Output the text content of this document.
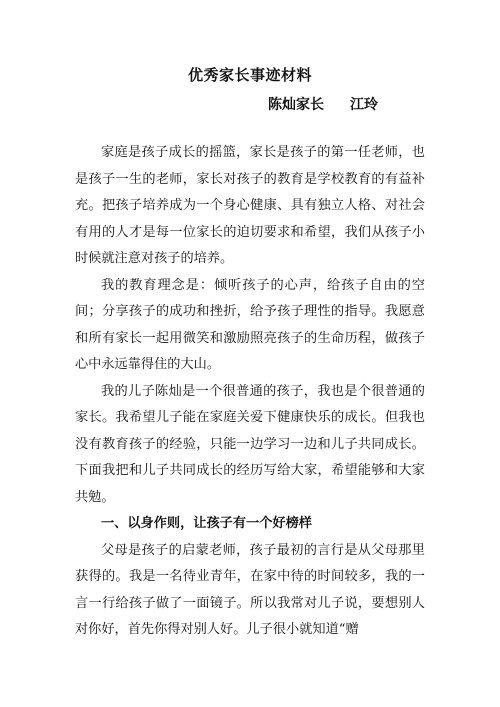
优秀家长事迹材料
陈灿家长 江玲

家庭是孩子成长的摇篮，家长是孩子的第一任老师，也是孩子一生的老师，家长对孩子的教育是学校教育的有益补充。把孩子培养成为一个身心健康、具有独立人格、对社会有用的人才是每一位家长的迫切要求和希望，我们从孩子小时候就注意对孩子的培养。

我的教育理念是：倾听孩子的心声，给孩子自由的空间；分享孩子的成功和挫折，给予孩子理性的指导。我愿意和所有家长一起用微笑和激励照亮孩子的生命历程，做孩子心中永远靠得住的大山。

我的儿子陈灿是一个很普通的孩子，我也是个很普通的家长。我希望儿子能在家庭关爱下健康快乐的成长。但我也没有教育孩子的经验，只能一边学习一边和儿子共同成长。下面我把和儿子共同成长的经历写给大家，希望能够和大家共勉。

一、以身作则，让孩子有一个好榜样

父母是孩子的启蒙老师，孩子最初的言行是从父母那里获得的。我是一名待业青年，在家中待的时间较多，我的一言一行给孩子做了一面镜子。所以我常对儿子说，要想别人对你好，首先你得对别人好。儿子很小就知道“赠
